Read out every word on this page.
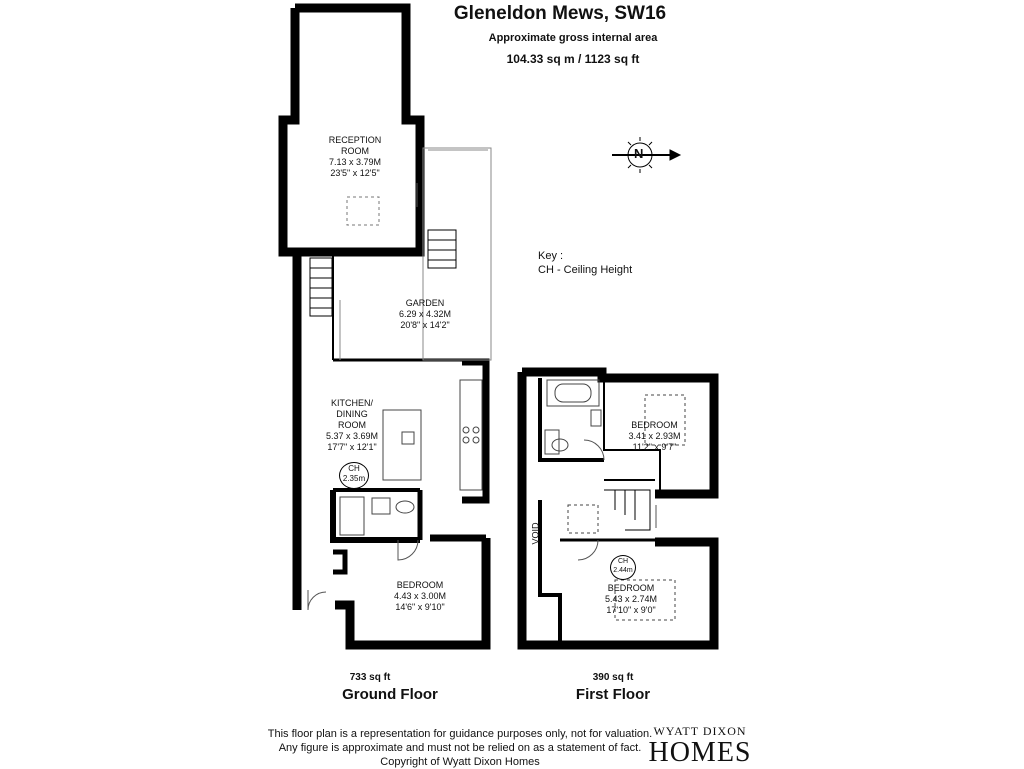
Gleneldon Mews, SW16
Approximate gross internal area
104.33 sq m / 1123 sq ft
Key :
CH - Ceiling Height
N
RECEPTION
ROOM
7.13 x 3.79M
23'5" x 12'5"
GARDEN
6.29 x 4.32M
20'8" x 14'2"
KITCHEN/
DINING
ROOM
5.37 x 3.69M
17'7" x 12'1"
CH
2.35m
BEDROOM
4.43 x 3.00M
14'6" x 9'10"
BEDROOM
3.41 x 2.93M
11'2" x 9'7"
BEDROOM
5.43 x 2.74M
17'10" x 9'0"
CH
2.44m
VOID
733 sq ft
Ground Floor
390 sq ft
First Floor
This floor plan is a representation for guidance purposes only, not for valuation.
Any figure is approximate and must not be relied on as a statement of fact.
Copyright of Wyatt Dixon Homes
WYATT DIXON
HOMES
